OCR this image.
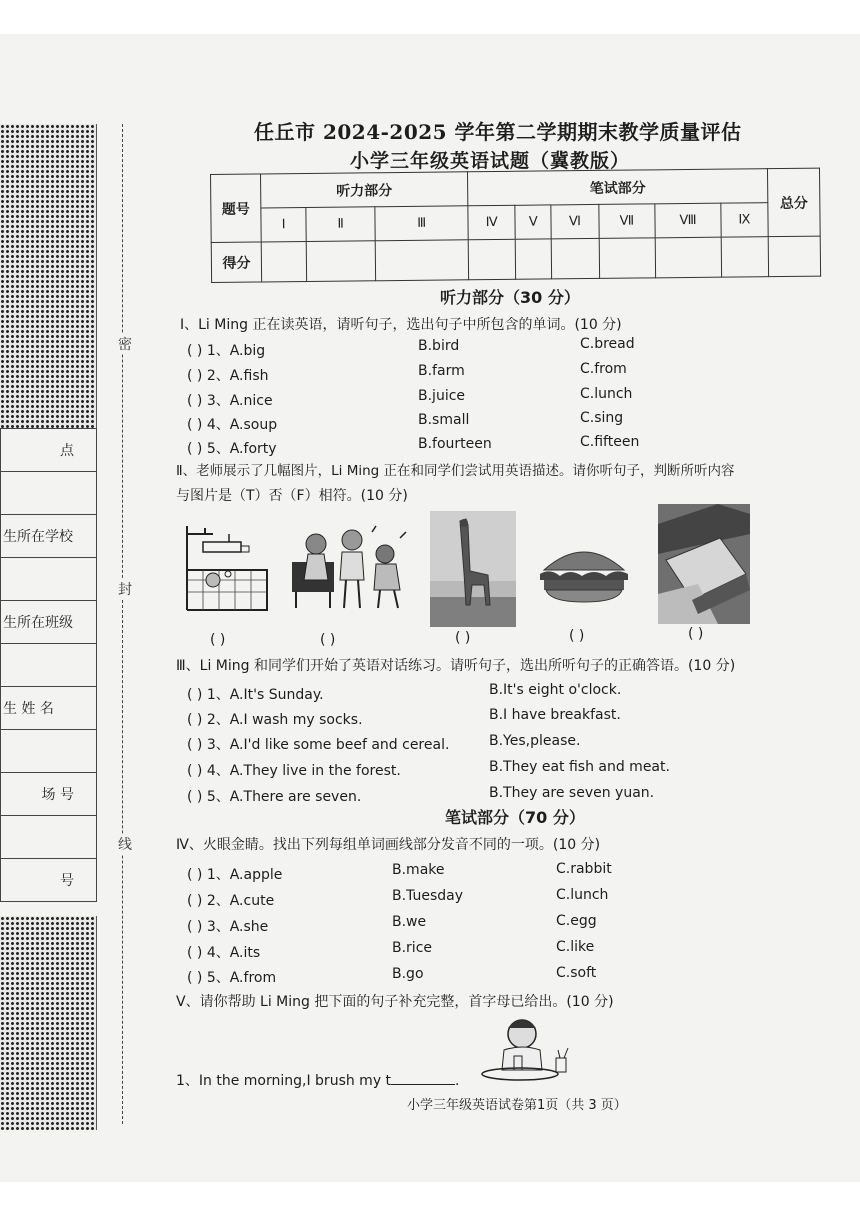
点

生所在学校

生所在班级

生 姓 名

场 号

号
密
封
线
任丘市 2024-2025 学年第二学期期末教学质量评估
小学三年级英语试题（冀教版）
题号	听力部分			笔试部分						总分
	Ⅰ	Ⅱ	Ⅲ	Ⅳ	Ⅴ	Ⅵ	Ⅶ	Ⅷ	Ⅸ	
得分										
听力部分（30 分）
Ⅰ、Li Ming 正在读英语，请听句子，选出句子中所包含的单词。(10 分)
( ) 1、A.big	B.bird	C.bread
( ) 2、A.fish	B.farm	C.from
( ) 3、A.nice	B.juice	C.lunch
( ) 4、A.soup	B.small	C.sing
( ) 5、A.forty	B.fourteen	C.fifteen
Ⅱ、老师展示了几幅图片，Li Ming 正在和同学们尝试用英语描述。请你听句子，判断所听内容
与图片是（T）否（F）相符。(10 分)
( )	( )	( )	( )	( )
Ⅲ、Li Ming 和同学们开始了英语对话练习。请听句子，选出所听句子的正确答语。(10 分)
( ) 1、A.It's Sunday.	B.It's eight o'clock.
( ) 2、A.I wash my socks.	B.I have breakfast.
( ) 3、A.I'd like some beef and cereal.	B.Yes,please.
( ) 4、A.They live in the forest.	B.They eat fish and meat.
( ) 5、A.There are seven.	B.They are seven yuan.
笔试部分（70 分）
Ⅳ、火眼金睛。找出下列每组单词画线部分发音不同的一项。(10 分)
( ) 1、A.apple	B.make	C.rabbit
( ) 2、A.cute	B.Tuesday	C.lunch
( ) 3、A.she	B.we	C.egg
( ) 4、A.its	B.rice	C.like
( ) 5、A.from	B.go	C.soft
Ⅴ、请你帮助 Li Ming 把下面的句子补充完整，首字母已给出。(10 分)
1、In the morning,I brush my t	.
小学三年级英语试卷第1页（共 3 页）
